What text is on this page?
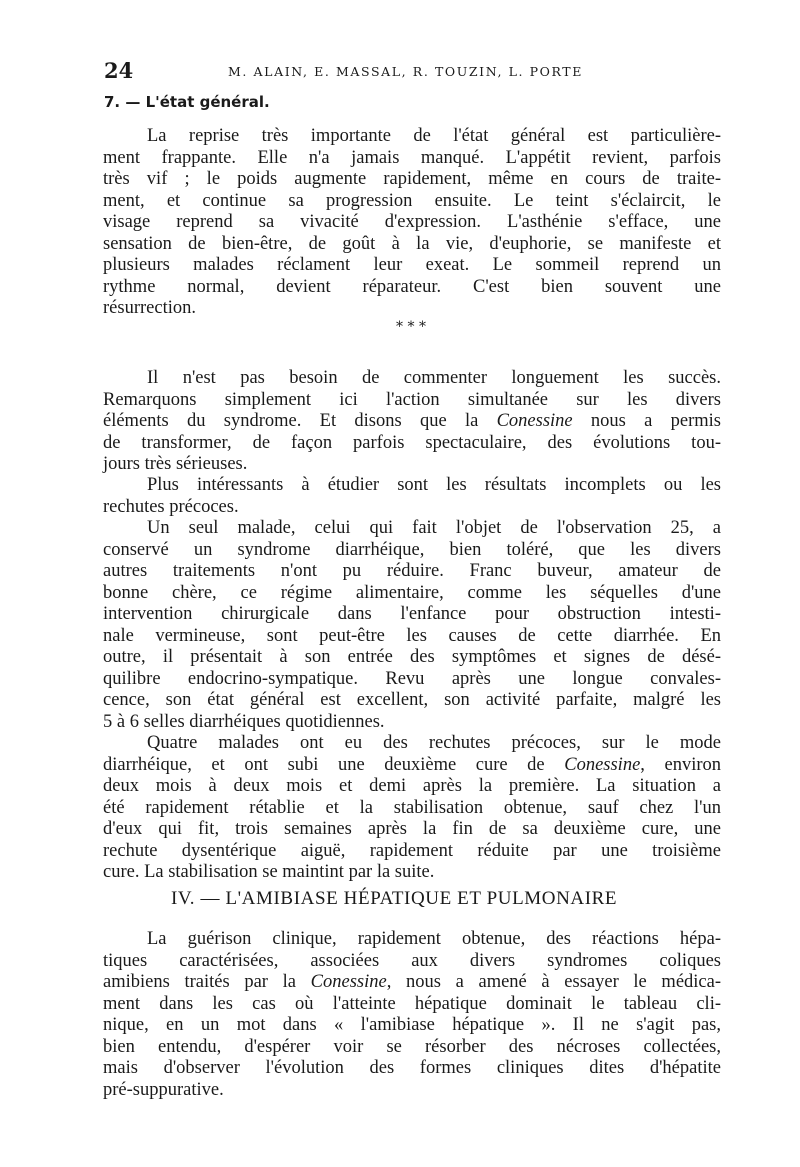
24	M. ALAIN, E. MASSAL, R. TOUZIN, L. PORTE
7. — L'état général.

La reprise très importante de l'état général est particulière-
ment frappante. Elle n'a jamais manqué. L'appétit revient, parfois
très vif ; le poids augmente rapidement, même en cours de traite-
ment, et continue sa progression ensuite. Le teint s'éclaircit, le
visage reprend sa vivacité d'expression. L'asthénie s'efface, une
sensation de bien-être, de goût à la vie, d'euphorie, se manifeste et
plusieurs malades réclament leur exeat. Le sommeil reprend un
rythme normal, devient réparateur. C'est bien souvent une
résurrection.

* * *

Il n'est pas besoin de commenter longuement les succès.
Remarquons simplement ici l'action simultanée sur les divers
éléments du syndrome. Et disons que la Conessine nous a permis
de transformer, de façon parfois spectaculaire, des évolutions tou-
jours très sérieuses.

Plus intéressants à étudier sont les résultats incomplets ou les
rechutes précoces.

Un seul malade, celui qui fait l'objet de l'observation 25, a
conservé un syndrome diarrhéique, bien toléré, que les divers
autres traitements n'ont pu réduire. Franc buveur, amateur de
bonne chère, ce régime alimentaire, comme les séquelles d'une
intervention chirurgicale dans l'enfance pour obstruction intesti-
nale vermineuse, sont peut-être les causes de cette diarrhée. En
outre, il présentait à son entrée des symptômes et signes de désé-
quilibre endocrino-sympatique. Revu après une longue convales-
cence, son état général est excellent, son activité parfaite, malgré les
5 à 6 selles diarrhéiques quotidiennes.

Quatre malades ont eu des rechutes précoces, sur le mode
diarrhéique, et ont subi une deuxième cure de Conessine, environ
deux mois à deux mois et demi après la première. La situation a
été rapidement rétablie et la stabilisation obtenue, sauf chez l'un
d'eux qui fit, trois semaines après la fin de sa deuxième cure, une
rechute dysentérique aiguë, rapidement réduite par une troisième
cure. La stabilisation se maintint par la suite.

IV. — L'AMIBIASE HÉPATIQUE ET PULMONAIRE

La guérison clinique, rapidement obtenue, des réactions hépa-
tiques caractérisées, associées aux divers syndromes coliques
amibiens traités par la Conessine, nous a amené à essayer le médica-
ment dans les cas où l'atteinte hépatique dominait le tableau cli-
nique, en un mot dans « l'amibiase hépatique ». Il ne s'agit pas,
bien entendu, d'espérer voir se résorber des nécroses collectées,
mais d'observer l'évolution des formes cliniques dites d'hépatite
pré-suppurative.
